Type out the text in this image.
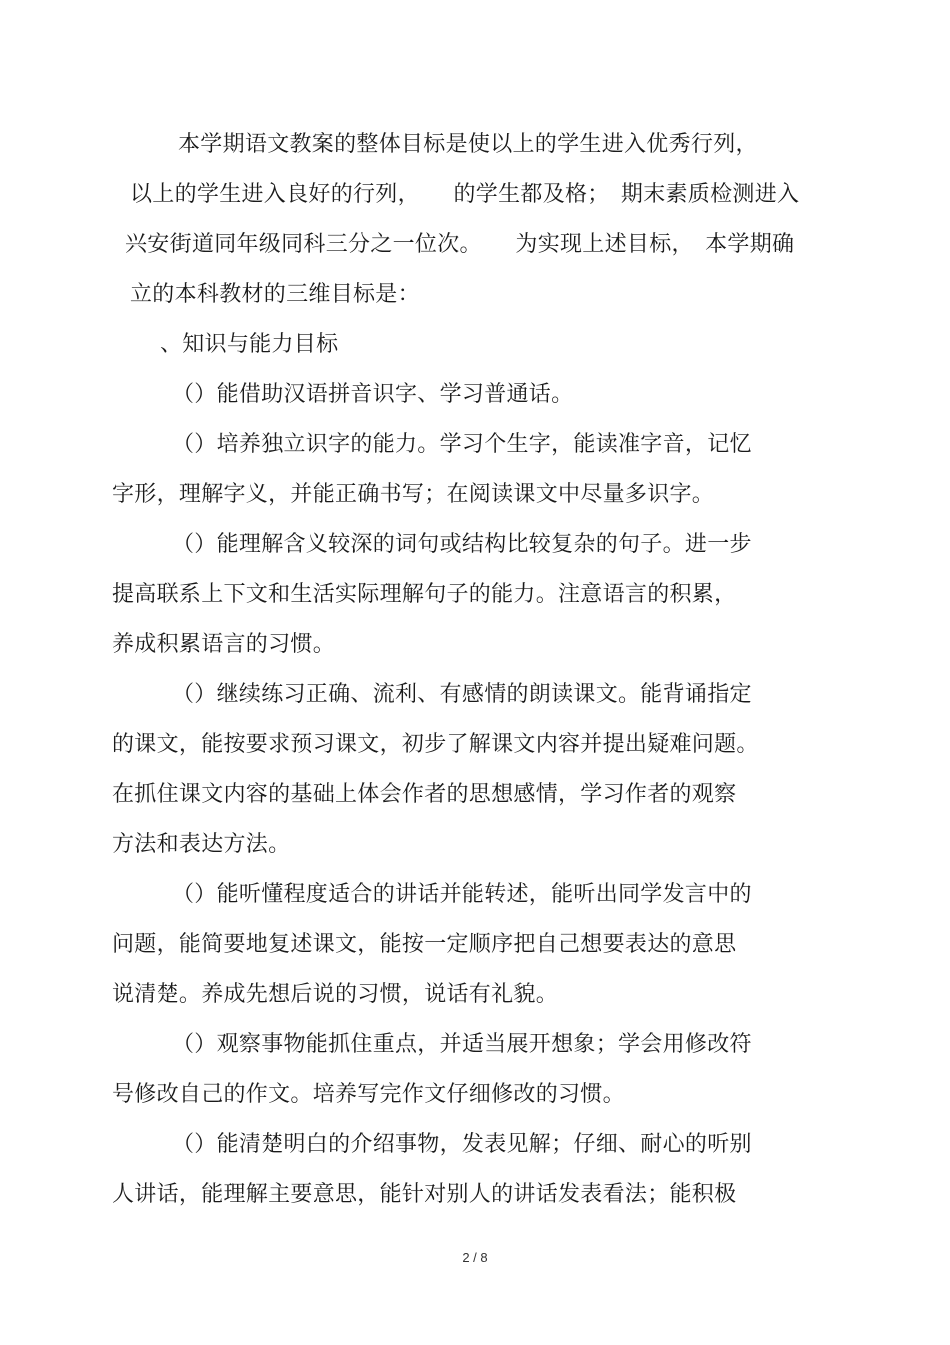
本学期语文教案的整体目标是使以上的学生进入优秀行列，
以上的学生进入良好的行列，　　的学生都及格；　期末素质检测进入
兴安街道同年级同科三分之一位次。　　为实现上述目标，　本学期确
立的本科教材的三维目标是：
、知识与能力目标
（）能借助汉语拼音识字、学习普通话。
（）培养独立识字的能力。学习个生字，能读准字音，记忆
字形，理解字义，并能正确书写；在阅读课文中尽量多识字。
（）能理解含义较深的词句或结构比较复杂的句子。进一步
提高联系上下文和生活实际理解句子的能力。注意语言的积累，
养成积累语言的习惯。
（）继续练习正确、流利、有感情的朗读课文。能背诵指定
的课文，能按要求预习课文，初步了解课文内容并提出疑难问题。
在抓住课文内容的基础上体会作者的思想感情，学习作者的观察
方法和表达方法。
（）能听懂程度适合的讲话并能转述，能听出同学发言中的
问题，能简要地复述课文，能按一定顺序把自己想要表达的意思
说清楚。养成先想后说的习惯，说话有礼貌。
（）观察事物能抓住重点，并适当展开想象；学会用修改符
号修改自己的作文。培养写完作文仔细修改的习惯。
（）能清楚明白的介绍事物，发表见解；仔细、耐心的听别
人讲话，能理解主要意思，能针对别人的讲话发表看法；能积极
2 / 8
